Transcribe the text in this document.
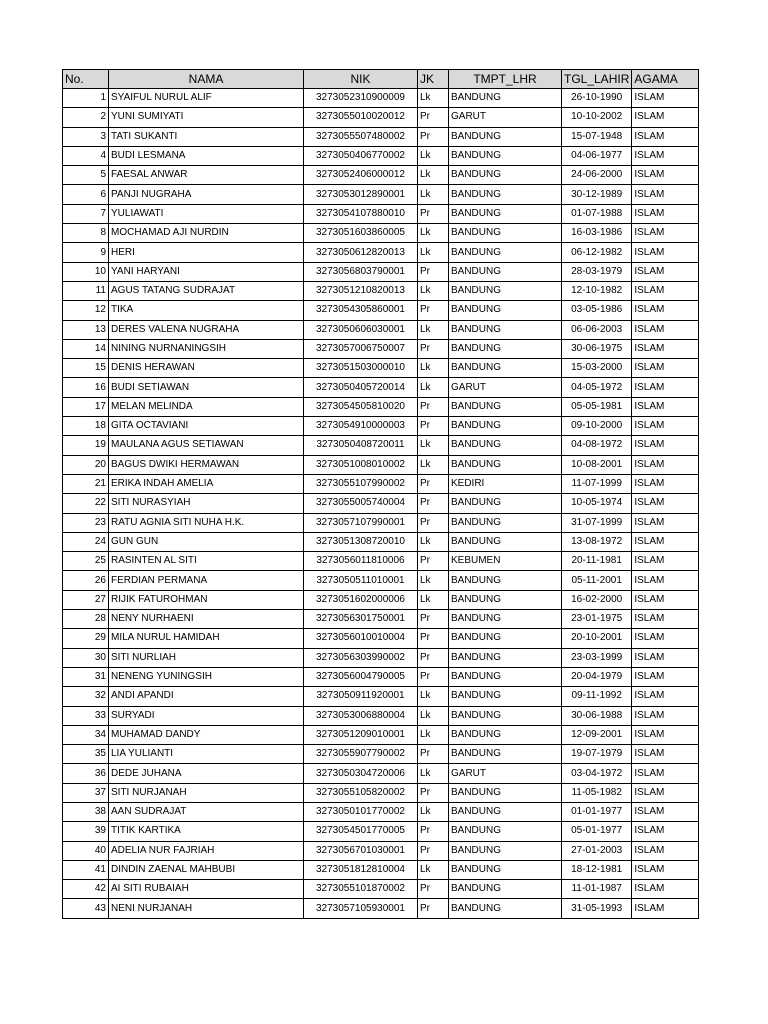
No.	NAMA	NIK	JK	TMPT_LHR	TGL_LAHIR	AGAMA
1	SYAIFUL NURUL ALIF	3273052310900009	Lk	BANDUNG	26-10-1990	ISLAM
2	YUNI SUMIYATI	3273055010020012	Pr	GARUT	10-10-2002	ISLAM
3	TATI SUKANTI	3273055507480002	Pr	BANDUNG	15-07-1948	ISLAM
4	BUDI LESMANA	3273050406770002	Lk	BANDUNG	04-06-1977	ISLAM
5	FAESAL ANWAR	3273052406000012	Lk	BANDUNG	24-06-2000	ISLAM
6	PANJI NUGRAHA	3273053012890001	Lk	BANDUNG	30-12-1989	ISLAM
7	YULIAWATI	3273054107880010	Pr	BANDUNG	01-07-1988	ISLAM
8	MOCHAMAD AJI NURDIN	3273051603860005	Lk	BANDUNG	16-03-1986	ISLAM
9	HERI	3273050612820013	Lk	BANDUNG	06-12-1982	ISLAM
10	YANI HARYANI	3273056803790001	Pr	BANDUNG	28-03-1979	ISLAM
11	AGUS TATANG SUDRAJAT	3273051210820013	Lk	BANDUNG	12-10-1982	ISLAM
12	TIKA	3273054305860001	Pr	BANDUNG	03-05-1986	ISLAM
13	DERES VALENA NUGRAHA	3273050606030001	Lk	BANDUNG	06-06-2003	ISLAM
14	NINING NURNANINGSIH	3273057006750007	Pr	BANDUNG	30-06-1975	ISLAM
15	DENIS HERAWAN	3273051503000010	Lk	BANDUNG	15-03-2000	ISLAM
16	BUDI SETIAWAN	3273050405720014	Lk	GARUT	04-05-1972	ISLAM
17	MELAN MELINDA	3273054505810020	Pr	BANDUNG	05-05-1981	ISLAM
18	GITA OCTAVIANI	3273054910000003	Pr	BANDUNG	09-10-2000	ISLAM
19	MAULANA AGUS SETIAWAN	3273050408720011	Lk	BANDUNG	04-08-1972	ISLAM
20	BAGUS DWIKI HERMAWAN	3273051008010002	Lk	BANDUNG	10-08-2001	ISLAM
21	ERIKA INDAH AMELIA	3273055107990002	Pr	KEDIRI	11-07-1999	ISLAM
22	SITI NURASYIAH	3273055005740004	Pr	BANDUNG	10-05-1974	ISLAM
23	RATU AGNIA SITI NUHA H.K.	3273057107990001	Pr	BANDUNG	31-07-1999	ISLAM
24	GUN GUN	3273051308720010	Lk	BANDUNG	13-08-1972	ISLAM
25	RASINTEN AL SITI	3273056011810006	Pr	KEBUMEN	20-11-1981	ISLAM
26	FERDIAN PERMANA	3273050511010001	Lk	BANDUNG	05-11-2001	ISLAM
27	RIJIK FATUROHMAN	3273051602000006	Lk	BANDUNG	16-02-2000	ISLAM
28	NENY NURHAENI	3273056301750001	Pr	BANDUNG	23-01-1975	ISLAM
29	MILA NURUL HAMIDAH	3273056010010004	Pr	BANDUNG	20-10-2001	ISLAM
30	SITI NURLIAH	3273056303990002	Pr	BANDUNG	23-03-1999	ISLAM
31	NENENG YUNINGSIH	3273056004790005	Pr	BANDUNG	20-04-1979	ISLAM
32	ANDI APANDI	3273050911920001	Lk	BANDUNG	09-11-1992	ISLAM
33	SURYADI	3273053006880004	Lk	BANDUNG	30-06-1988	ISLAM
34	MUHAMAD DANDY	3273051209010001	Lk	BANDUNG	12-09-2001	ISLAM
35	LIA YULIANTI	3273055907790002	Pr	BANDUNG	19-07-1979	ISLAM
36	DEDE JUHANA	3273050304720006	Lk	GARUT	03-04-1972	ISLAM
37	SITI NURJANAH	3273055105820002	Pr	BANDUNG	11-05-1982	ISLAM
38	AAN SUDRAJAT	3273050101770002	Lk	BANDUNG	01-01-1977	ISLAM
39	TITIK KARTIKA	3273054501770005	Pr	BANDUNG	05-01-1977	ISLAM
40	ADELIA NUR FAJRIAH	3273056701030001	Pr	BANDUNG	27-01-2003	ISLAM
41	DINDIN ZAENAL MAHBUBI	3273051812810004	Lk	BANDUNG	18-12-1981	ISLAM
42	AI SITI RUBAIAH	3273055101870002	Pr	BANDUNG	11-01-1987	ISLAM
43	NENI NURJANAH	3273057105930001	Pr	BANDUNG	31-05-1993	ISLAM
